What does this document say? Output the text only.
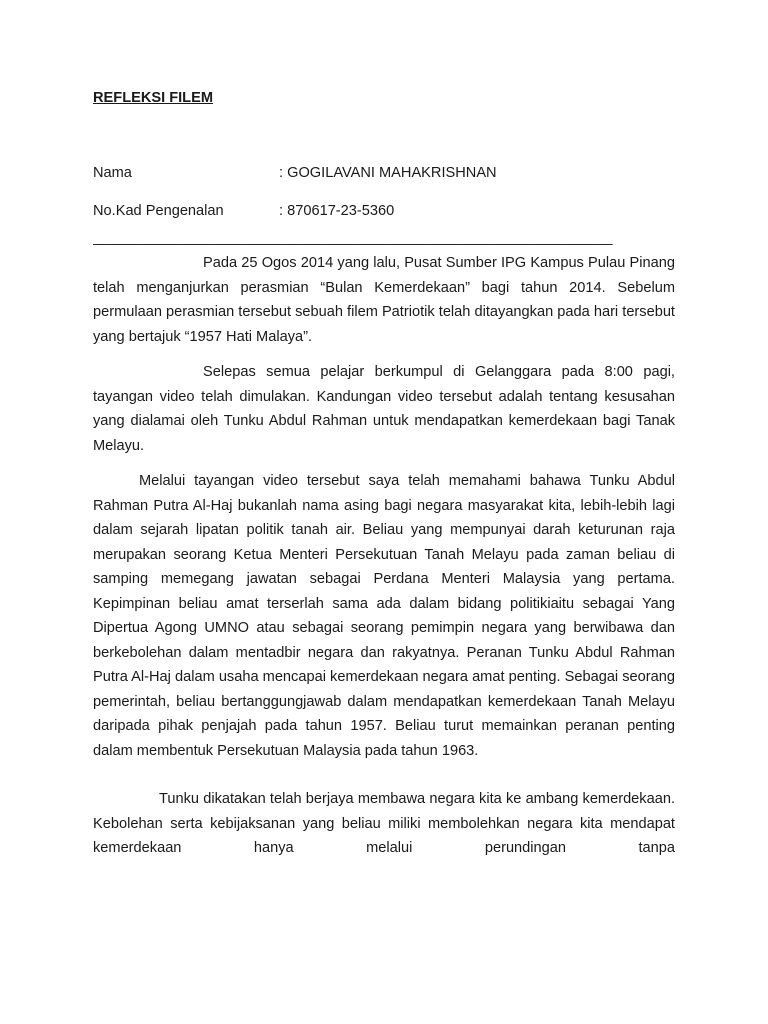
REFLEKSI FILEM
Nama	: GOGILAVANI MAHAKRISHNAN
No.Kad Pengenalan	: 870617-23-5360
________________________________________________________________

Pada 25 Ogos 2014 yang lalu, Pusat Sumber IPG Kampus Pulau Pinang telah menganjurkan perasmian “Bulan Kemerdekaan” bagi tahun 2014. Sebelum permulaan perasmian tersebut sebuah filem Patriotik telah ditayangkan pada hari tersebut yang bertajuk “1957 Hati Malaya”.

Selepas semua pelajar berkumpul di Gelanggara pada 8:00 pagi, tayangan video telah dimulakan. Kandungan video tersebut adalah tentang kesusahan yang dialamai oleh Tunku Abdul Rahman untuk mendapatkan kemerdekaan bagi Tanak Melayu.

Melalui tayangan video tersebut saya telah memahami bahawa Tunku Abdul Rahman Putra Al-Haj bukanlah nama asing bagi negara masyarakat kita, lebih-lebih lagi dalam sejarah lipatan politik tanah air. Beliau yang mempunyai darah keturunan raja merupakan seorang Ketua Menteri Persekutuan Tanah Melayu pada zaman beliau di samping memegang jawatan sebagai Perdana Menteri Malaysia yang pertama. Kepimpinan beliau amat terserlah sama ada dalam bidang politikiaitu sebagai Yang Dipertua Agong UMNO atau sebagai seorang pemimpin negara yang berwibawa dan berkebolehan dalam mentadbir negara dan rakyatnya. Peranan Tunku Abdul Rahman Putra Al-Haj dalam usaha mencapai kemerdekaan negara amat penting. Sebagai seorang pemerintah, beliau bertanggungjawab dalam mendapatkan kemerdekaan Tanah Melayu daripada pihak penjajah pada tahun 1957. Beliau turut memainkan peranan penting dalam membentuk Persekutuan Malaysia pada tahun 1963.

Tunku dikatakan telah berjaya membawa negara kita ke ambang kemerdekaan. Kebolehan serta kebijaksanan yang beliau miliki membolehkan negara kita mendapat kemerdekaan hanya melalui perundingan tanpa
